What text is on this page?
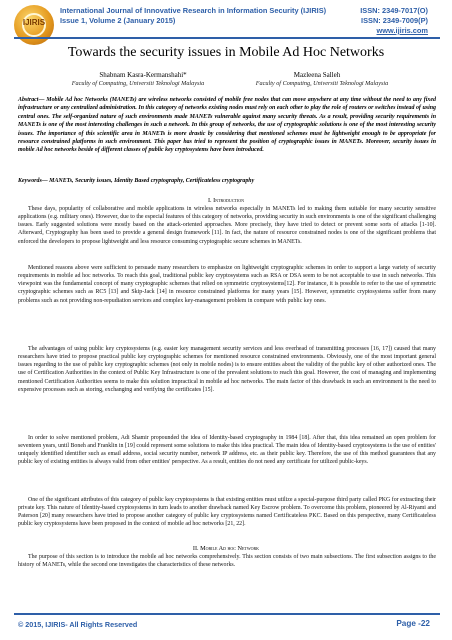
IJIRIS
International Journal of Innovative Research in Information Security (IJIRIS)
Issue 1, Volume 2 (January 2015)
ISSN: 2349-7017(O)
ISSN: 2349-7009(P)
www.ijiris.com
Towards the security issues in Mobile Ad Hoc Networks
Shabnam Kasra-Kermanshahi*	Mazleena Salleh
Faculty of Computing, Universiti Teknologi Malaysia	Faculty of Computing, Universiti Teknologi Malaysia
Abstract— Mobile Ad hoc Networks (MANETs) are wireless networks consisted of mobile free nodes that can move anywhere at any time without the need to any fixed infrastructure or any centralized administration. In this category of networks existing nodes must rely on each other to play the role of routers or switches instead of using central ones. The self-organized nature of such environments made MANETs vulnerable against many security threats. As a result, providing security requirements in MANETs is one of the most interesting challenges in such a network. In this group of networks, the use of cryptographic solutions is one of the most interesting security issues. The importance of this scientific area in MANETs is more drastic by considering that mentioned schemes must be lightweight enough to be appropriate for resource constrained platforms in such environment. This paper has tried to represent the position of cryptographic issues in MANETs. Moreover, security issues in mobile Ad hoc networks beside of different classes of public key cryptosystems have been introduced.
Keywords— MANETs, Security issues, Identity Based cryptography, Certificateless cryptography
I. Introduction
These days, popularity of collaborative and mobile applications in wireless networks especially in MANETs led to making them suitable for many security sensitive applications (e.g. military ones). However, due to the especial features of this category of networks, providing security in such environments is one of the significant challenging issues. Early suggested solutions were mostly based on the attack-oriented approaches. More precisely, they have tried to detect or prevent some sorts of attacks [1-10]. Afterward, Cryptography has been used to provide a general design framework [11]. In fact, the nature of resource constrained nodes is one of the significant problems that enforced the developers to propose lightweight and less resource consuming cryptographic secure schemes in MANETs.
Mentioned reasons above were sufficient to persuade many researchers to emphasize on lightweight cryptographic schemes in order to support a large variety of security requirements in mobile ad hoc networks. To reach this goal, traditional public key cryptosystems such as RSA or DSA seem to be not acceptable to use in such networks. This viewpoint was the fundamental concept of many cryptographic schemes that relied on symmetric cryptosystems[12]. For instance, it is possible to refer to the use of symmetric cryptographic schemes such as RC5 [13] and Skip-Jack [14] in resource constrained platforms for many years [15]. However, symmetric cryptosystems suffer from many problems such as not providing non-repudiation services and complex key-management problem in compare with public key ones.
The advantages of using public key cryptosystems (e.g. easier key management security services and less overhead of transmitting processes [16, 17]) caused that many researchers have tried to propose practical public key cryptographic schemes for mentioned resource constrained environments. Obviously, one of the most important general issues regarding to the use of public key cryptographic schemes (not only in mobile nodes) is to ensure entities about the validity of the public key of other authorized ones. The use of Certification Authorities in the context of Public Key Infrastructure is one of the prevalent solutions to reach this goal. However, the cost of managing and implementing mentioned Certification Authorities seems to make this solution impractical in mobile ad hoc networks. The main factor of this drawback in such an environment is the need to expensive processes such as storing, exchanging and verifying the certificates [15].
In order to solve mentioned problem, Adi Shamir propounded the idea of Identity-based cryptography in 1984 [18]. After that, this idea remained an open problem for seventeen years, until Boneh and Franklin in [19] could represent some solutions to make this idea practical. The main idea of Identity-based cryptosystems is the use of entities' uniquely identified identifier such as email address, social security number, network IP address, etc. as their public key. Therefore, the use of this method guarantees that any public key of existing entities is always valid from other entities' perspective. As a result, entities do not need any certificate for utilized public-keys.
One of the significant attributes of this category of public key cryptosystems is that existing entities must utilize a special-purpose third party called PKG for extracting their private key. This nature of Identity-based cryptosystems in turn leads to another drawback named Key Escrow problem. To overcome this problem, pioneered by Al-Riyami and Paterson [20] many researchers have tried to propose another category of public key cryptosystems named Certificateless PKC. Based on this perspective, many Certificateless public key cryptosystems have been proposed in the context of mobile ad hoc networks [21, 22].
II. Mobile Ad hoc Network
The purpose of this section is to introduce the mobile ad hoc networks comprehensively. This section consists of two main subsections. The first subsection assigns to the history of MANETs, while the second one investigates the characteristics of these networks.
© 2015, IJIRIS- All Rights Reserved	Page -22
